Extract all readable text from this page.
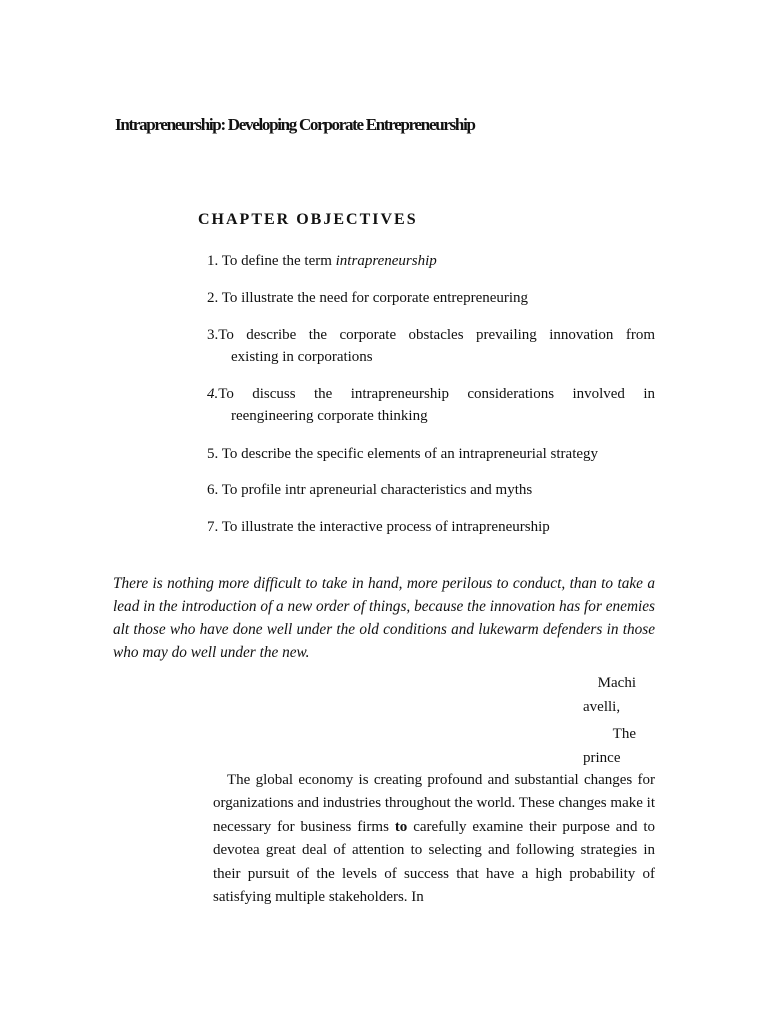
Intrapreneurship: Developing Corporate Entrepreneurship
CHAPTER OBJECTIVES

1. To define the term intrapreneurship

2. To illustrate the need for corporate entrepreneuring

3.To describe the corporate obstacles prevailing innovation from
existing in corporations

4.To discuss the intrapreneurship considerations involved in
reengineering corporate thinking

5. To describe the specific elements of an intrapreneurial strategy

6. To profile intr apreneurial characteristics and myths

7. To illustrate the interactive process of intrapreneurship

There is nothing more difficult to take in hand, more perilous to conduct, than to take a lead in the introduction of a new order of things, because the innovation has for enemies alt those who have done well under the old conditions and lukewarm defenders in those who may do well under the new.

Machi

avelli,

The

prince

The global economy is creating profound and substantial changes for organizations and industries throughout the world. These changes make it necessary for business firms to carefully examine their purpose and to devotea great deal of attention to selecting and following strategies in their pursuit of the levels of success that have a high probability of satisfying multiple stakeholders. In
